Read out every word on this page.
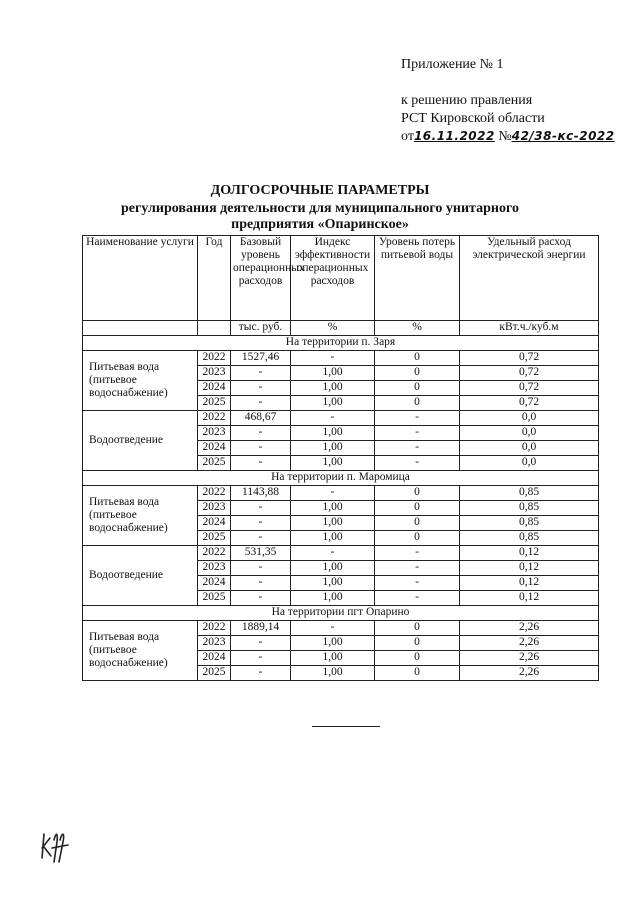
Приложение № 1
к решению правления
РСТ Кировской области
от16.11.2022 №42/38-кс-2022
ДОЛГОСРОЧНЫЕ ПАРАМЕТРЫ
регулирования деятельности для муниципального унитарного
предприятия «Опаринское»
Наименование услуги	Год	Базовый уровень операционных расходов	Индекс эффективности операционных расходов	Уровень потерь питьевой воды	Удельный расход электрической энергии
		тыс. руб.	%	%	кВт.ч./куб.м
На территории п. Заря					
Питьевая вода (питьевое водоснабжение)	2022	1527,46	-	0	0,72
	2023	-	1,00	0	0,72
	2024	-	1,00	0	0,72
	2025	-	1,00	0	0,72
Водоотведение	2022	468,67	-	-	0,0
	2023	-	1,00	-	0,0
	2024	-	1,00	-	0,0
	2025	-	1,00	-	0,0
На территории п. Маромица					
Питьевая вода (питьевое водоснабжение)	2022	1143,88	-	0	0,85
	2023	-	1,00	0	0,85
	2024	-	1,00	0	0,85
	2025	-	1,00	0	0,85
Водоотведение	2022	531,35	-	-	0,12
	2023	-	1,00	-	0,12
	2024	-	1,00	-	0,12
	2025	-	1,00	-	0,12
На территории пгт Опарино					
Питьевая вода (питьевое водоснабжение)	2022	1889,14	-	0	2,26
	2023	-	1,00	0	2,26
	2024	-	1,00	0	2,26
	2025	-	1,00	0	2,26
